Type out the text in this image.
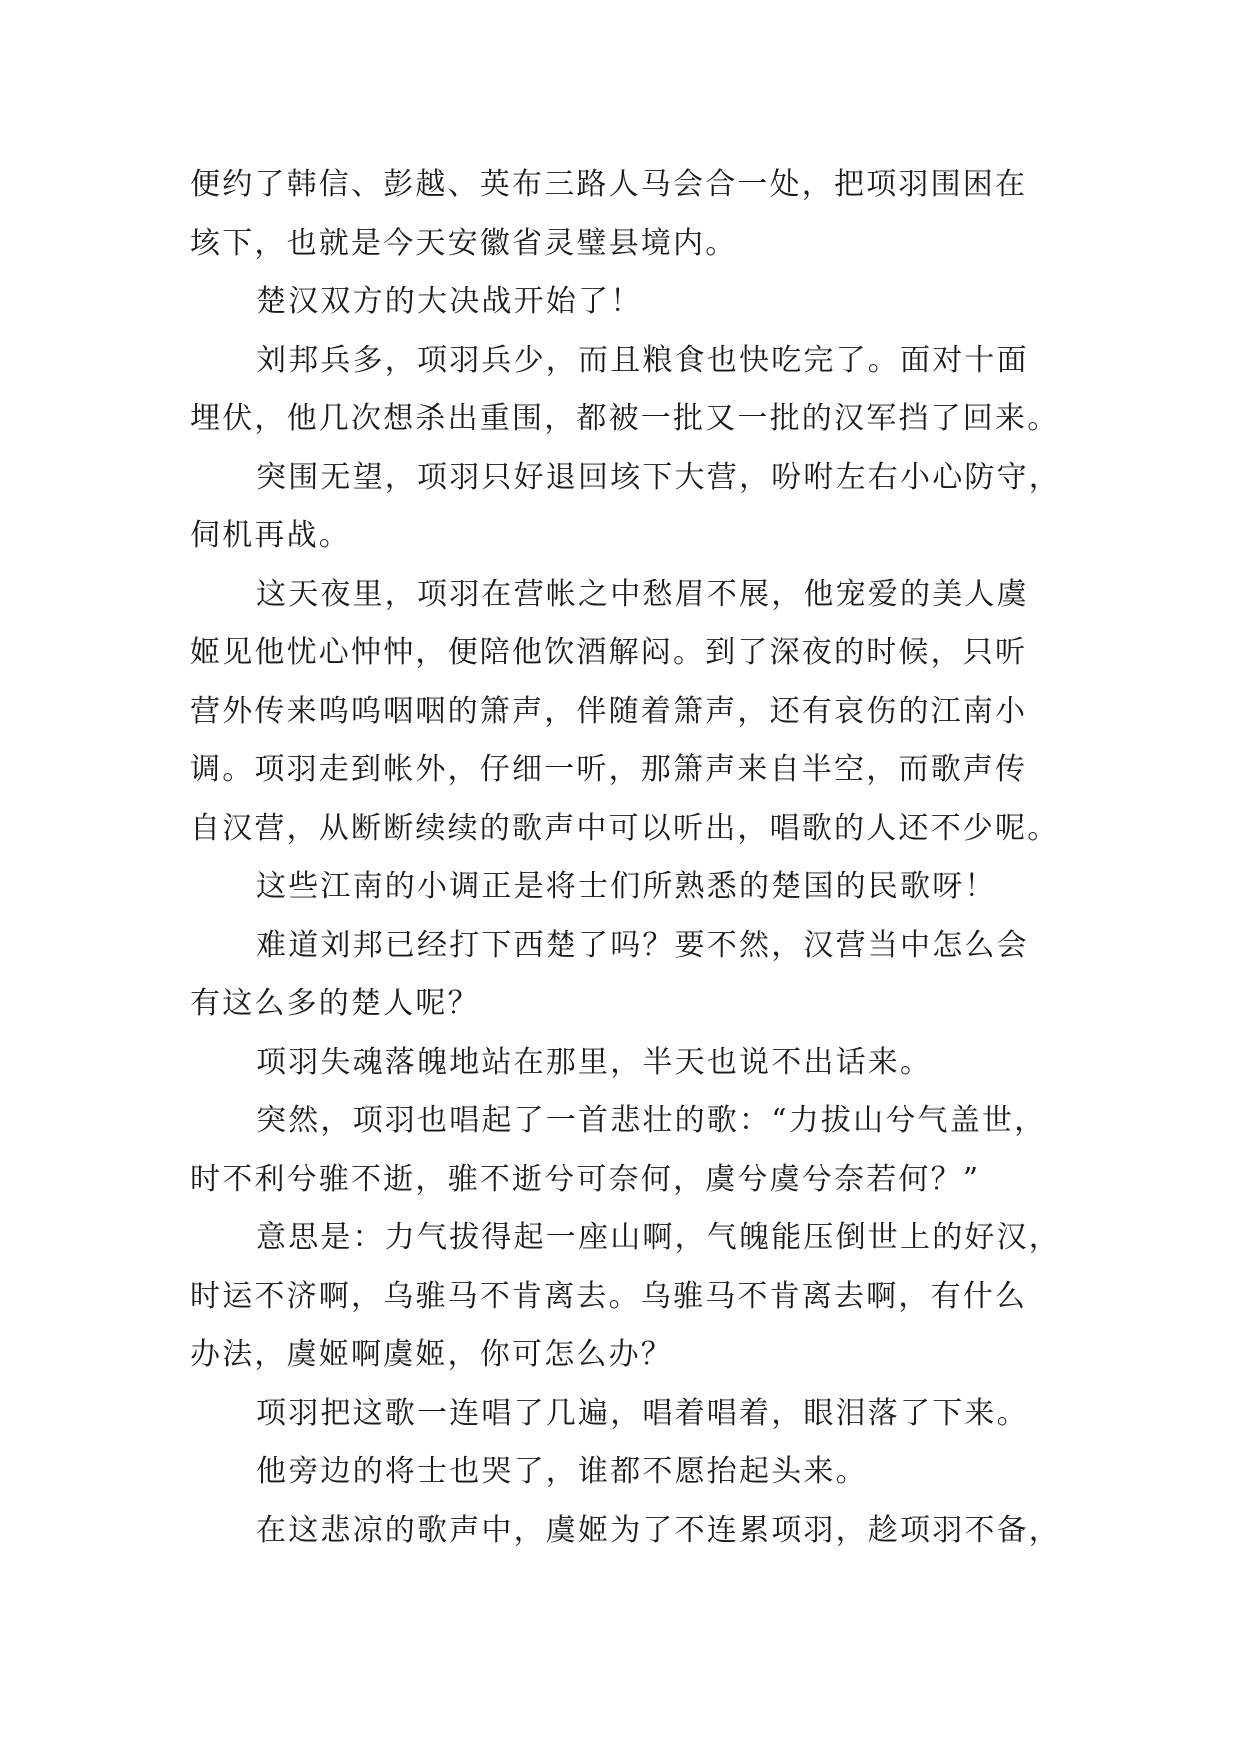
便约了韩信、彭越、英布三路人马会合一处，把项羽围困在
垓下，也就是今天安徽省灵璧县境内。
楚汉双方的大决战开始了！
刘邦兵多，项羽兵少，而且粮食也快吃完了。面对十面
埋伏，他几次想杀出重围，都被一批又一批的汉军挡了回来。
突围无望，项羽只好退回垓下大营，吩咐左右小心防守，
伺机再战。
这天夜里，项羽在营帐之中愁眉不展，他宠爱的美人虞
姬见他忧心忡忡，便陪他饮酒解闷。到了深夜的时候，只听
营外传来呜呜咽咽的箫声，伴随着箫声，还有哀伤的江南小
调。项羽走到帐外，仔细一听，那箫声来自半空，而歌声传
自汉营，从断断续续的歌声中可以听出，唱歌的人还不少呢。
这些江南的小调正是将士们所熟悉的楚国的民歌呀！
难道刘邦已经打下西楚了吗？要不然，汉营当中怎么会
有这么多的楚人呢？
项羽失魂落魄地站在那里，半天也说不出话来。
突然，项羽也唱起了一首悲壮的歌：“力拔山兮气盖世，
时不利兮骓不逝，骓不逝兮可奈何，虞兮虞兮奈若何？”
意思是：力气拔得起一座山啊，气魄能压倒世上的好汉，
时运不济啊，乌骓马不肯离去。乌骓马不肯离去啊，有什么
办法，虞姬啊虞姬，你可怎么办？
项羽把这歌一连唱了几遍，唱着唱着，眼泪落了下来。
他旁边的将士也哭了，谁都不愿抬起头来。
在这悲凉的歌声中，虞姬为了不连累项羽，趁项羽不备，
